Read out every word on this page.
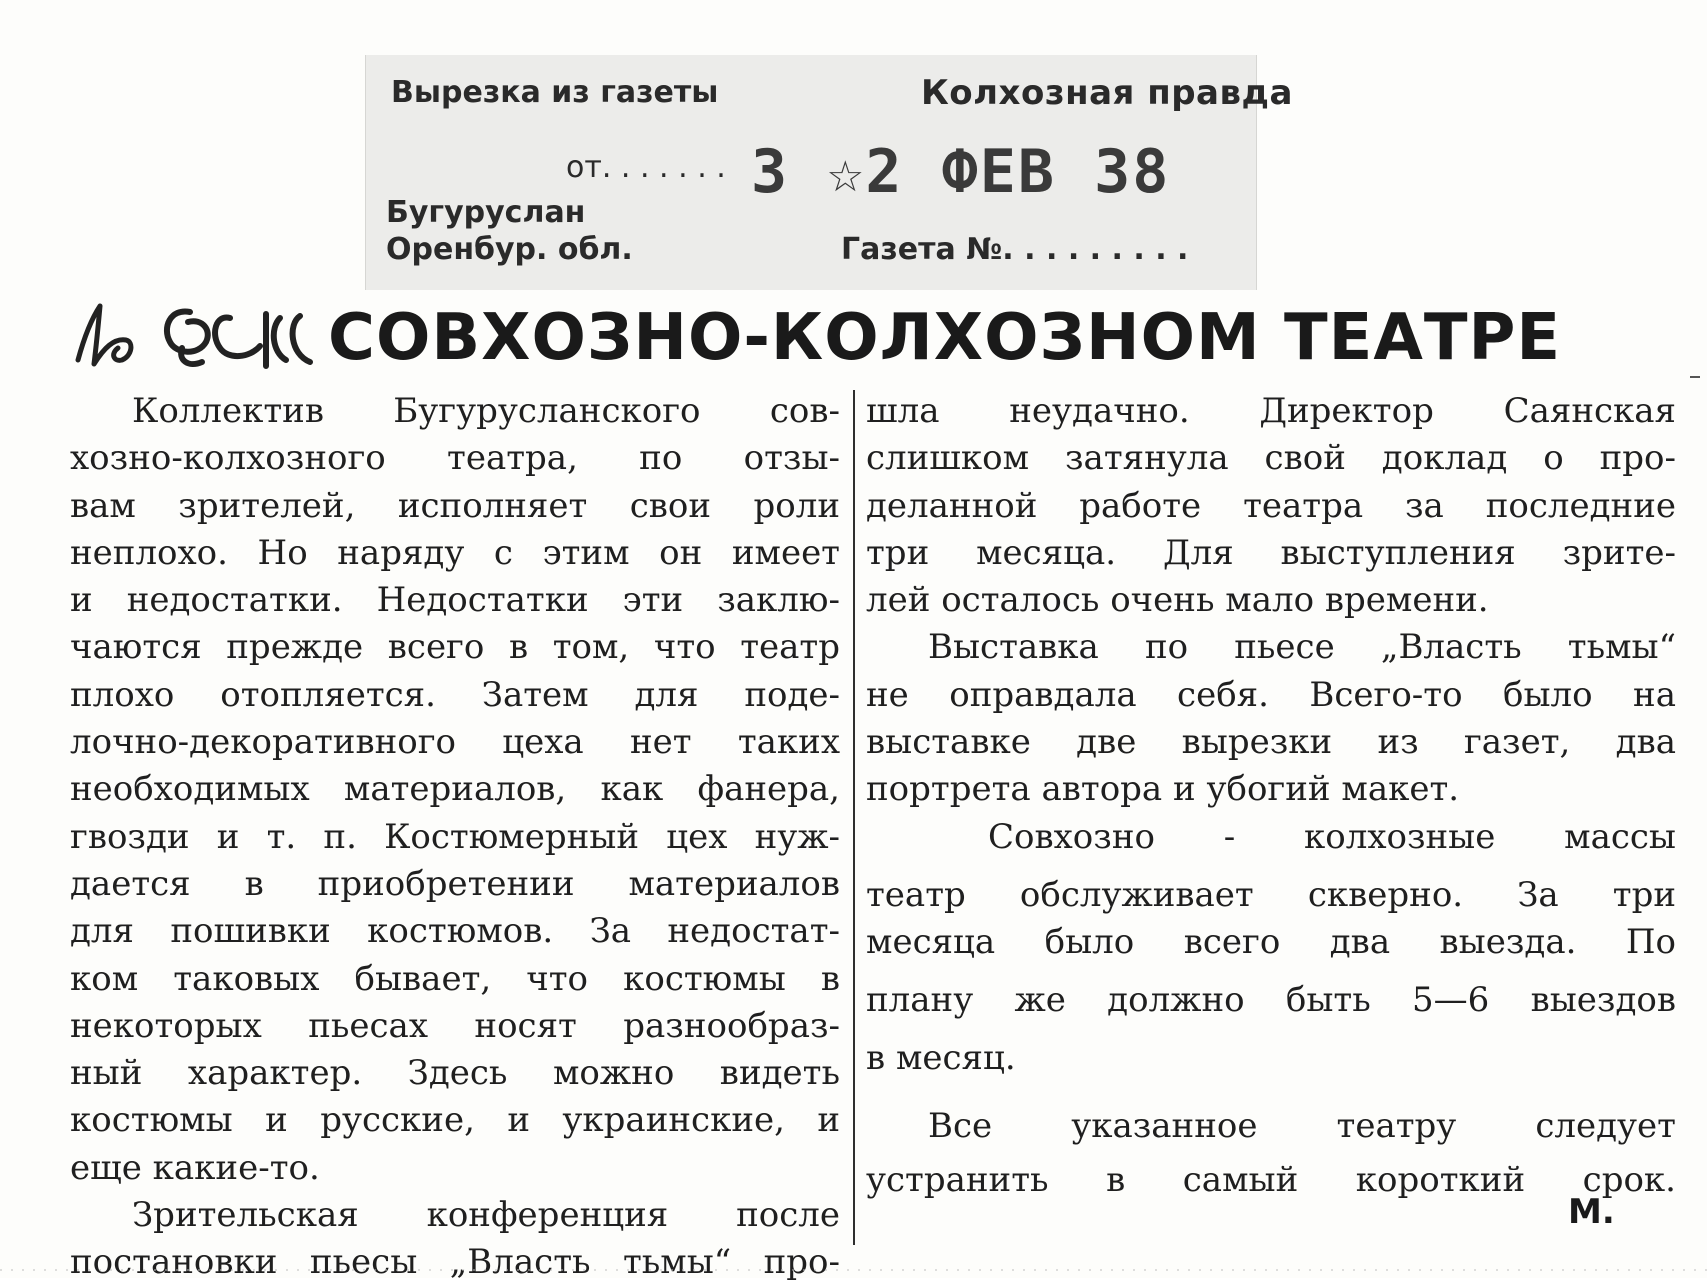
Вырезка из газеты	Колхозная правда
от. . . . . . . 3 ☆2 ФЕВ 38
Бугуруслан
Оренбур. обл.	Газета №. . . . . . . . .
СОВХОЗНО-КОЛХОЗНОМ ТЕАТРЕ
Коллектив Бугурусланского сов-
хозно-колхозного театра, по отзы-
вам зрителей, исполняет свои роли
неплохо. Но наряду с этим он имеет
и недостатки. Недостатки эти заклю-
чаются прежде всего в том, что театр
плохо отопляется. Затем для поде-
лочно-декоративного цеха нет таких
необходимых материалов, как фанера,
гвозди и т. п. Костюмерный цех нуж-
дается в приобретении материалов
для пошивки костюмов. За недостат-
ком таковых бывает, что костюмы в
некоторых пьесах носят разнообраз-
ный характер. Здесь можно видеть
костюмы и русские, и украинские, и
еще какие-то.
Зрительская конференция после
постановки пьесы „Власть тьмы“ про-
шла неудачно. Директор Саянская
слишком затянула свой доклад о про-
деланной работе театра за последние
три месяца. Для выступления зрите-
лей осталось очень мало времени.
Выставка по пьесе „Власть тьмы“
не оправдала себя. Всего-то было на
выставке две вырезки из газет, два
портрета автора и убогий макет.
Совхозно - колхозные массы
театр обслуживает скверно. За три
месяца было всего два выезда. По
плану же должно быть 5—6 выездов
в месяц.
Все указанное театру следует
устранить в самый короткий срок.
М.
